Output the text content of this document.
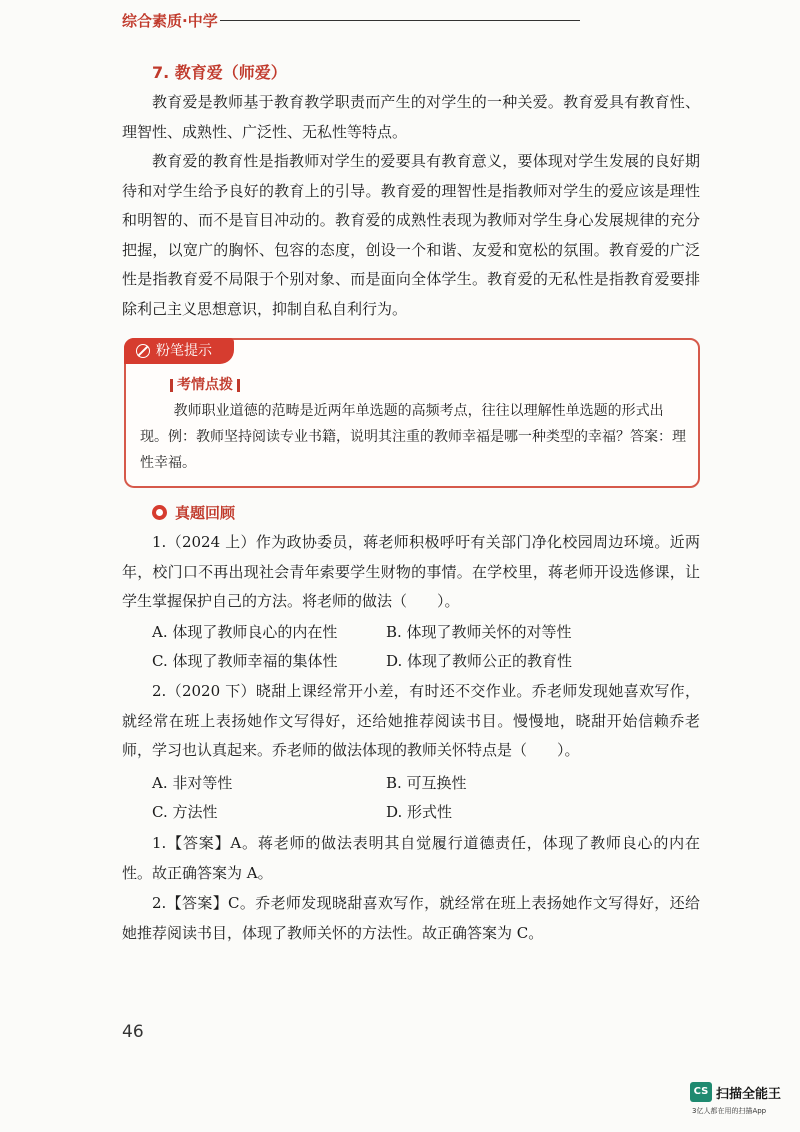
综合素质·中学
7. 教育爱（师爱）

教育爱是教师基于教育教学职责而产生的对学生的一种关爱。教育爱具有教育性、理智性、成熟性、广泛性、无私性等特点。

教育爱的教育性是指教师对学生的爱要具有教育意义，要体现对学生发展的良好期待和对学生给予良好的教育上的引导。教育爱的理智性是指教师对学生的爱应该是理性和明智的、而不是盲目冲动的。教育爱的成熟性表现为教师对学生身心发展规律的充分把握，以宽广的胸怀、包容的态度，创设一个和谐、友爱和宽松的氛围。教育爱的广泛性是指教育爱不局限于个别对象、而是面向全体学生。教育爱的无私性是指教育爱要排除利己主义思想意识，抑制自私自利行为。

粉笔提示
考情点拨

教师职业道德的范畴是近两年单选题的高频考点，往往以理解性单选题的形式出现。例：教师坚持阅读专业书籍，说明其注重的教师幸福是哪一种类型的幸福？答案：理性幸福。

真题回顾

1.（2024 上）作为政协委员，蒋老师积极呼吁有关部门净化校园周边环境。近两年，校门口不再出现社会青年索要学生财物的事情。在学校里，蒋老师开设选修课，让学生掌握保护自己的方法。将老师的做法（　　）。

A. 体现了教师良心的内在性	B. 体现了教师关怀的对等性
C. 体现了教师幸福的集体性	D. 体现了教师公正的教育性

2.（2020 下）晓甜上课经常开小差，有时还不交作业。乔老师发现她喜欢写作，就经常在班上表扬她作文写得好，还给她推荐阅读书目。慢慢地，晓甜开始信赖乔老师，学习也认真起来。乔老师的做法体现的教师关怀特点是（　　）。

A. 非对等性	B. 可互换性
C. 方法性	D. 形式性

1.【答案】A。蒋老师的做法表明其自觉履行道德责任，体现了教师良心的内在性。故正确答案为 A。

2.【答案】C。乔老师发现晓甜喜欢写作，就经常在班上表扬她作文写得好，还给她推荐阅读书目，体现了教师关怀的方法性。故正确答案为 C。

46
CS 扫描全能王
3亿人都在用的扫描App
